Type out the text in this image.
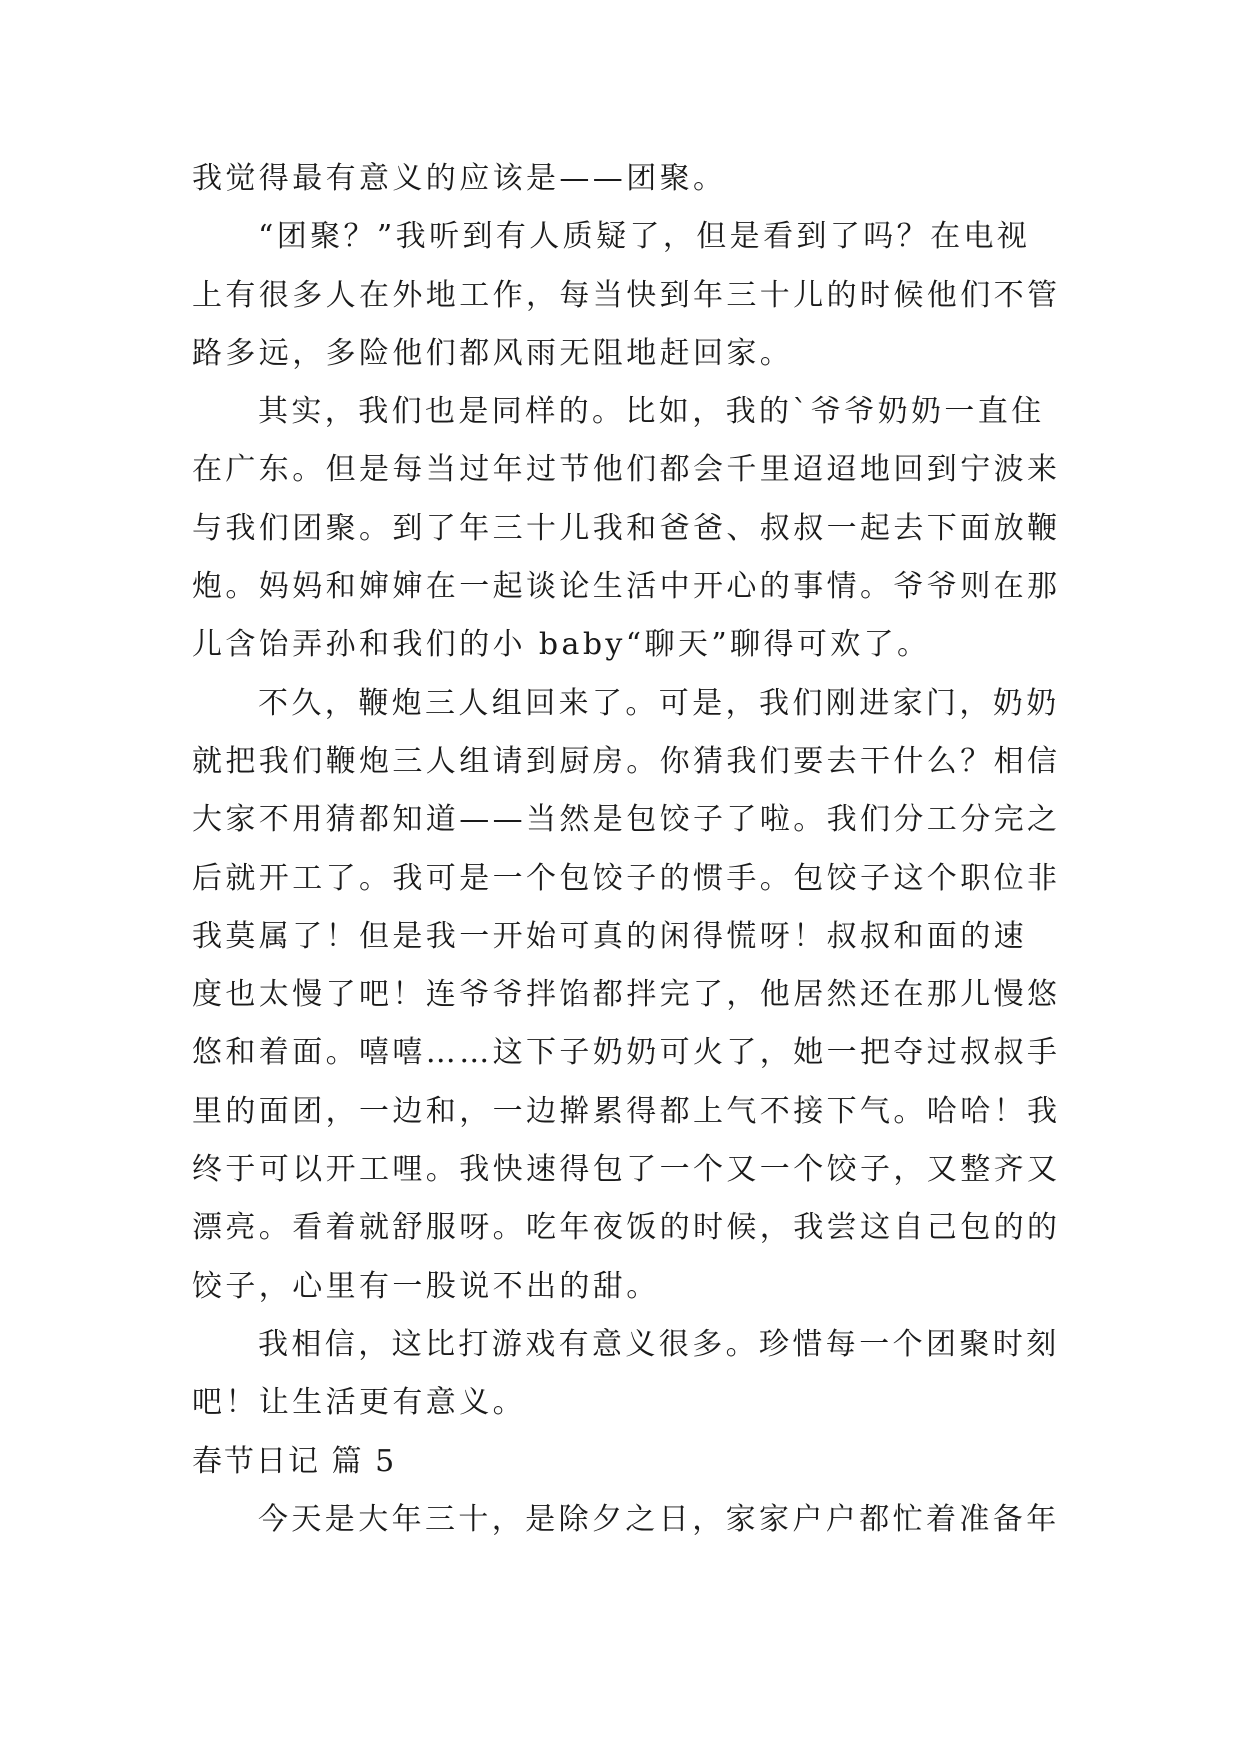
我觉得最有意义的应该是——团聚。
“团聚？”我听到有人质疑了，但是看到了吗？在电视
上有很多人在外地工作，每当快到年三十儿的时候他们不管
路多远，多险他们都风雨无阻地赶回家。
其实，我们也是同样的。比如，我的`爷爷奶奶一直住
在广东。但是每当过年过节他们都会千里迢迢地回到宁波来
与我们团聚。到了年三十儿我和爸爸、叔叔一起去下面放鞭
炮。妈妈和婶婶在一起谈论生活中开心的事情。爷爷则在那
儿含饴弄孙和我们的小 baby“聊天”聊得可欢了。
不久，鞭炮三人组回来了。可是，我们刚进家门，奶奶
就把我们鞭炮三人组请到厨房。你猜我们要去干什么？相信
大家不用猜都知道——当然是包饺子了啦。我们分工分完之
后就开工了。我可是一个包饺子的惯手。包饺子这个职位非
我莫属了！但是我一开始可真的闲得慌呀！叔叔和面的速
度也太慢了吧！连爷爷拌馅都拌完了，他居然还在那儿慢悠
悠和着面。嘻嘻……这下子奶奶可火了，她一把夺过叔叔手
里的面团，一边和，一边擀累得都上气不接下气。哈哈！我
终于可以开工哩。我快速得包了一个又一个饺子，又整齐又
漂亮。看着就舒服呀。吃年夜饭的时候，我尝这自己包的的
饺子，心里有一股说不出的甜。
我相信，这比打游戏有意义很多。珍惜每一个团聚时刻
吧！让生活更有意义。
春节日记 篇 5
今天是大年三十，是除夕之日，家家户户都忙着准备年
